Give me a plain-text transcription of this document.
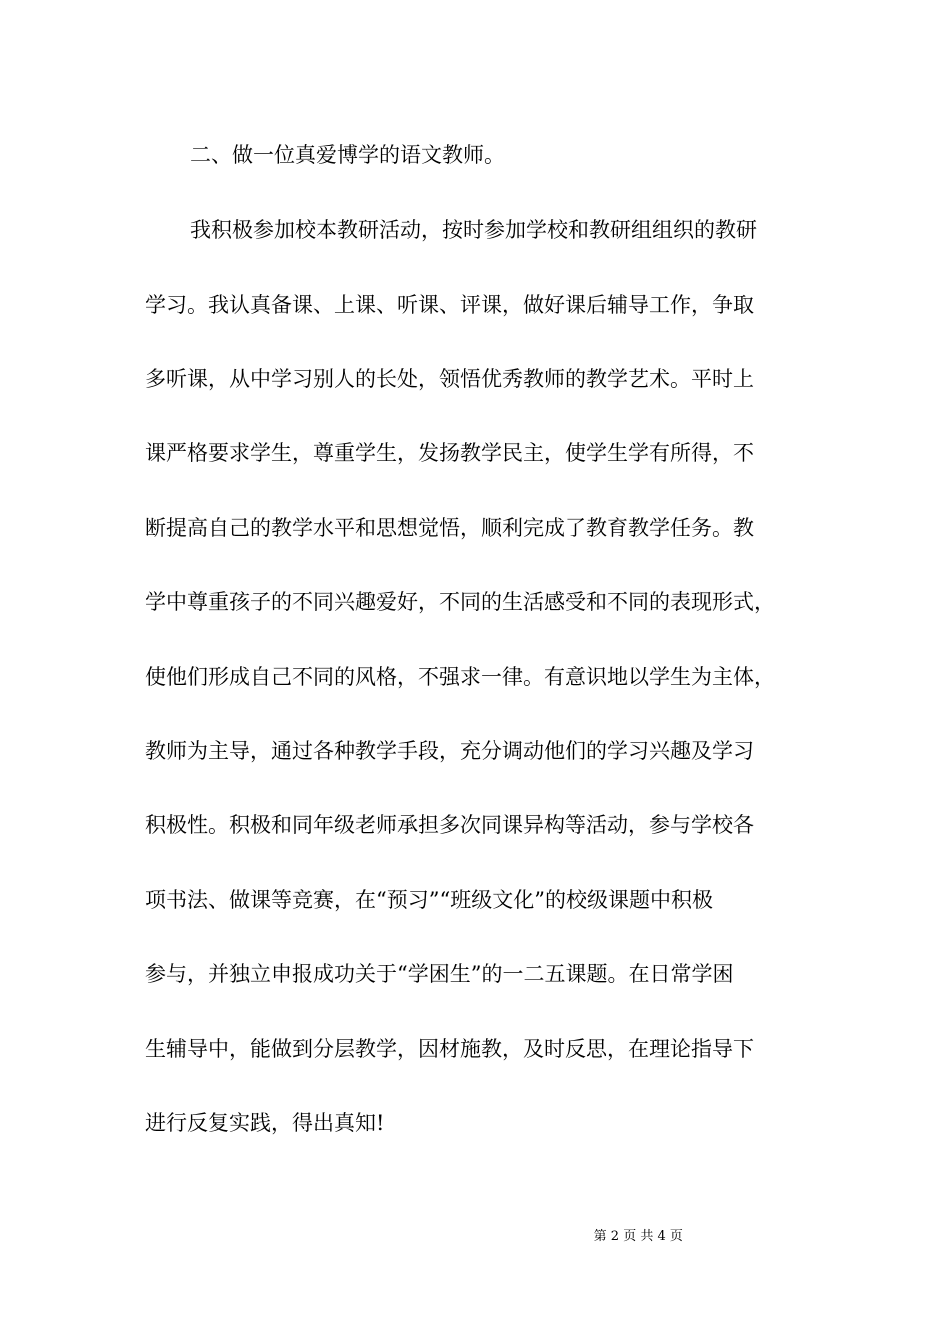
二、做一位真爱博学的语文教师。
我积极参加校本教研活动，按时参加学校和教研组组织的教研
学习。我认真备课、上课、听课、评课，做好课后辅导工作，争取
多听课，从中学习别人的长处，领悟优秀教师的教学艺术。平时上
课严格要求学生，尊重学生，发扬教学民主，使学生学有所得，不
断提高自己的教学水平和思想觉悟，顺利完成了教育教学任务。教
学中尊重孩子的不同兴趣爱好，不同的生活感受和不同的表现形式，
使他们形成自己不同的风格，不强求一律。有意识地以学生为主体，
教师为主导，通过各种教学手段，充分调动他们的学习兴趣及学习
积极性。积极和同年级老师承担多次同课异构等活动，参与学校各
项书法、做课等竞赛，在“预习”“班级文化”的校级课题中积极
参与，并独立申报成功关于“学困生”的一二五课题。在日常学困
生辅导中，能做到分层教学，因材施教，及时反思，在理论指导下
进行反复实践，得出真知!

第 2 页 共 4 页
